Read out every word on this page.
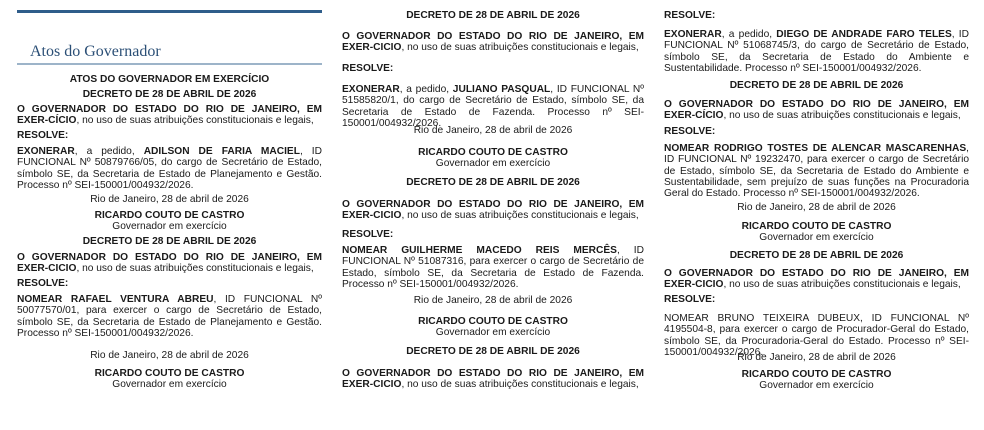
Atos do Governador

ATOS DO GOVERNADOR EM EXERCÍCIO

DECRETO DE 28 DE ABRIL DE 2026

O GOVERNADOR DO ESTADO DO RIO DE JANEIRO, EM EXER-CÍCIO, no uso de suas atribuições constitucionais e legais,

RESOLVE:

EXONERAR, a pedido, ADILSON DE FARIA MACIEL, ID FUNCIONAL Nº 50879766/05, do cargo de Secretário de Estado, símbolo SE, da Secretaria de Estado de Planejamento e Gestão. Processo nº SEI-150001/004932/2026.

Rio de Janeiro, 28 de abril de 2026

RICARDO COUTO DE CASTRO

Governador em exercício

DECRETO DE 28 DE ABRIL DE 2026

O GOVERNADOR DO ESTADO DO RIO DE JANEIRO, EM EXER-CICIO, no uso de suas atribuições constitucionais e legais,

RESOLVE:

NOMEAR RAFAEL VENTURA ABREU, ID FUNCIONAL Nº 50077570/01, para exercer o cargo de Secretário de Estado, símbolo SE, da Secretaria de Estado de Planejamento e Gestão. Processo nº SEI-150001/004932/2026.

Rio de Janeiro, 28 de abril de 2026

RICARDO COUTO DE CASTRO

Governador em exercício

DECRETO DE 28 DE ABRIL DE 2026

O GOVERNADOR DO ESTADO DO RIO DE JANEIRO, EM EXER-CICIO, no uso de suas atribuições constitucionais e legais,

RESOLVE:

EXONERAR, a pedido, JULIANO PASQUAL, ID FUNCIONAL Nº 51585820/1, do cargo de Secretário de Estado, símbolo SE, da Secretaria de Estado de Fazenda. Processo nº SEI-150001/004932/2026.

Rio de Janeiro, 28 de abril de 2026

RICARDO COUTO DE CASTRO

Governador em exercício

DECRETO DE 28 DE ABRIL DE 2026

O GOVERNADOR DO ESTADO DO RIO DE JANEIRO, EM EXER-CICIO, no uso de suas atribuições constitucionais e legais,

RESOLVE:

NOMEAR GUILHERME MACEDO REIS MERCÊS, ID FUNCIONAL Nº 51087316, para exercer o cargo de Secretário de Estado, símbolo SE, da Secretaria de Estado de Fazenda. Processo nº SEI-150001/004932/2026.

Rio de Janeiro, 28 de abril de 2026

RICARDO COUTO DE CASTRO

Governador em exercício

DECRETO DE 28 DE ABRIL DE 2026

O GOVERNADOR DO ESTADO DO RIO DE JANEIRO, EM EXER-CICIO, no uso de suas atribuições constitucionais e legais,

RESOLVE:

EXONERAR, a pedido, DIEGO DE ANDRADE FARO TELES, ID FUNCIONAL Nº 51068745/3, do cargo de Secretário de Estado, símbolo SE, da Secretaria de Estado do Ambiente e Sustentabilidade. Processo nº SEI-150001/004932/2026.

DECRETO DE 28 DE ABRIL DE 2026

O GOVERNADOR DO ESTADO DO RIO DE JANEIRO, EM EXER-CÍCIO, no uso de suas atribuições constitucionais e legais,

RESOLVE:

NOMEAR RODRIGO TOSTES DE ALENCAR MASCARENHAS, ID FUNCIONAL Nº 19232470, para exercer o cargo de Secretário de Estado, símbolo SE, da Secretaria de Estado do Ambiente e Sustentabilidade, sem prejuízo de suas funções na Procuradoria Geral do Estado. Processo nº SEI-150001/004932/2026.

Rio de Janeiro, 28 de abril de 2026

RICARDO COUTO DE CASTRO

Governador em exercício

DECRETO DE 28 DE ABRIL DE 2026

O GOVERNADOR DO ESTADO DO RIO DE JANEIRO, EM EXER-CICIO, no uso de suas atribuições constitucionais e legais,

RESOLVE:

NOMEAR BRUNO TEIXEIRA DUBEUX, ID FUNCIONAL Nº 4195504-8, para exercer o cargo de Procurador-Geral do Estado, símbolo SE, da Procuradoria-Geral do Estado. Processo nº SEI-150001/004932/2026.

Rio de Janeiro, 28 de abril de 2026

RICARDO COUTO DE CASTRO

Governador em exercício
